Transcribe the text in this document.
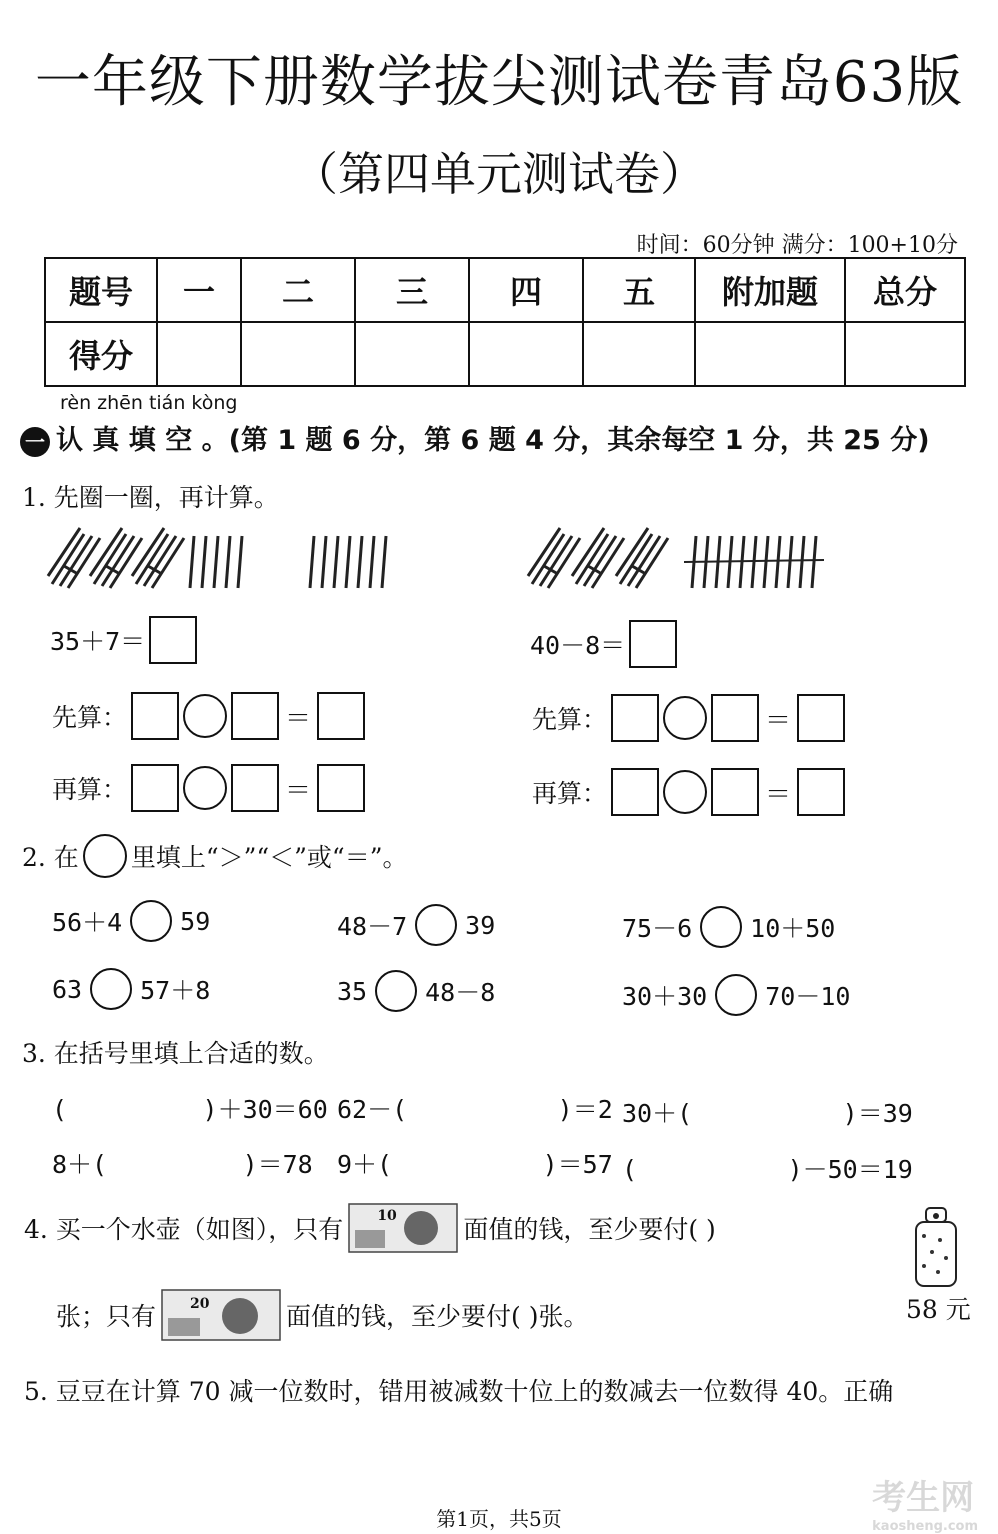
一年级下册数学拔尖测试卷青岛63版
（第四单元测试卷）
时间：60分钟 满分：100+10分
题号	一	二	三	四	五	附加题	总分
得分							
rèn zhēn tián kòng
一 认 真 填 空 。(第 1 题 6 分，第 6 题 4 分，其余每空 1 分，共 25 分)
1. 先圈一圈，再计算。
35＋7＝	40－8＝
先算：	＝
再算：	＝
先算：	＝
再算：	＝
2. 在 里填上“＞”“＜”或“＝”。
56＋4 59	48－7 39	75－6 10＋50
63 57＋8	35 48－8	30＋30 70－10
3. 在括号里填上合适的数。
(         )＋30＝60 62－(          )＝2 30＋(          )＝39
8＋(         )＝78 9＋(          )＝57 (          )－50＝19
4. 买一个水壶（如图），只有 10	面值的钱，至少要付( )
张；只有 20	面值的钱，至少要付( )张。	58 元
5. 豆豆在计算 70 减一位数时，错用被减数十位上的数减去一位数得 40。正确
考生网
kaosheng.com
第1页，共5页
